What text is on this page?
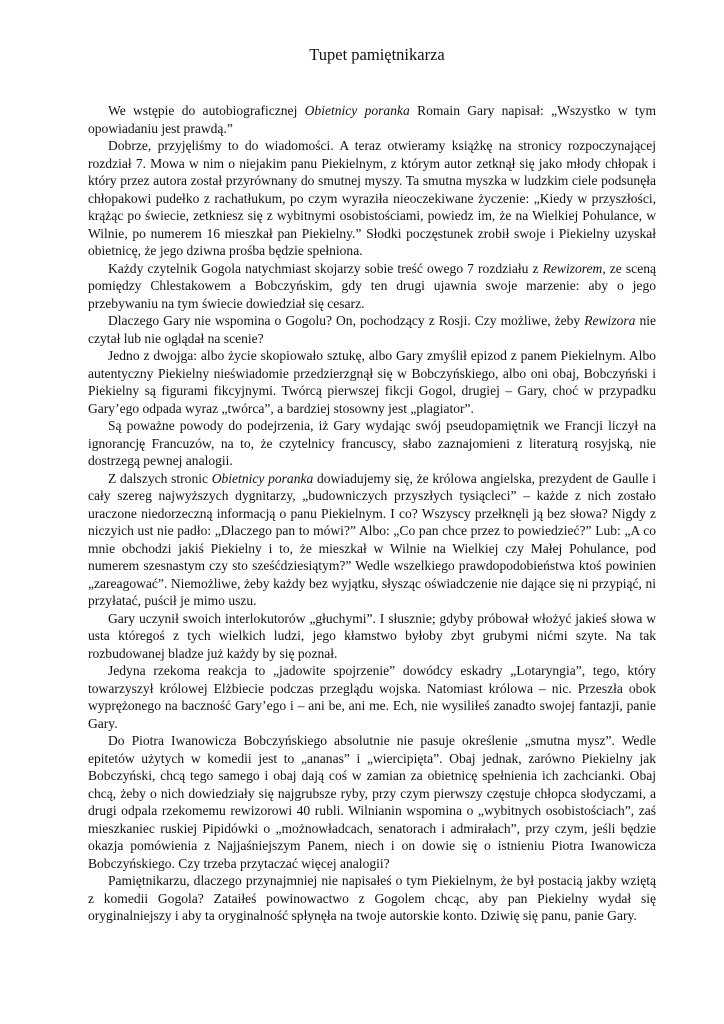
Tupet pamiętnikarza

We wstępie do autobiograficznej Obietnicy poranka Romain Gary napisał: „Wszystko w tym opowiadaniu jest prawdą.”

Dobrze, przyjęliśmy to do wiadomości. A teraz otwieramy książkę na stronicy rozpoczynającej rozdział 7. Mowa w nim o niejakim panu Piekielnym, z którym autor zetknął się jako młody chłopak i który przez autora został przyrównany do smutnej myszy. Ta smutna myszka w ludzkim ciele podsunęła chłopakowi pudełko z rachatłukum, po czym wyraziła nieoczekiwane życzenie: „Kiedy w przyszłości, krążąc po świecie, zetkniesz się z wybitnymi osobistościami, powiedz im, że na Wielkiej Pohulance, w Wilnie, po numerem 16 mieszkał pan Piekielny.” Słodki poczęstunek zrobił swoje i Piekielny uzyskał obietnicę, że jego dziwna prośba będzie spełniona.

Każdy czytelnik Gogola natychmiast skojarzy sobie treść owego 7 rozdziału z Rewizorem, ze sceną pomiędzy Chlestakowem a Bobczyńskim, gdy ten drugi ujawnia swoje marzenie: aby o jego przebywaniu na tym świecie dowiedział się cesarz.

Dlaczego Gary nie wspomina o Gogolu? On, pochodzący z Rosji. Czy możliwe, żeby Rewizora nie czytał lub nie oglądał na scenie?

Jedno z dwojga: albo życie skopiowało sztukę, albo Gary zmyślił epizod z panem Piekielnym. Albo autentyczny Piekielny nieświadomie przedzierzgnął się w Bobczyńskiego, albo oni obaj, Bobczyński i Piekielny są figurami fikcyjnymi. Twórcą pierwszej fikcji Gogol, drugiej – Gary, choć w przypadku Gary’ego odpada wyraz „twórca”, a bardziej stosowny jest „plagiator”.

Są poważne powody do podejrzenia, iż Gary wydając swój pseudopamiętnik we Francji liczył na ignorancję Francuzów, na to, że czytelnicy francuscy, słabo zaznajomieni z literaturą rosyjską, nie dostrzegą pewnej analogii.

Z dalszych stronic Obietnicy poranka dowiadujemy się, że królowa angielska, prezydent de Gaulle i cały szereg najwyższych dygnitarzy, „budowniczych przyszłych tysiącleci” – każde z nich zostało uraczone niedorzeczną informacją o panu Piekielnym. I co? Wszyscy przełknęli ją bez słowa? Nigdy z niczyich ust nie padło: „Dlaczego pan to mówi?” Albo: „Co pan chce przez to powiedzieć?” Lub: „A co mnie obchodzi jakiś Piekielny i to, że mieszkał w Wilnie na Wielkiej czy Małej Pohulance, pod numerem szesnastym czy sto sześćdziesiątym?” Wedle wszelkiego prawdopodobieństwa ktoś powinien „zareagować”. Niemożliwe, żeby każdy bez wyjątku, słysząc oświadczenie nie dające się ni przypiąć, ni przyłatać, puścił je mimo uszu.

Gary uczynił swoich interlokutorów „głuchymi”. I słusznie; gdyby próbował włożyć jakieś słowa w usta któregoś z tych wielkich ludzi, jego kłamstwo byłoby zbyt grubymi nićmi szyte. Na tak rozbudowanej bladze już każdy by się poznał.

Jedyna rzekoma reakcja to „jadowite spojrzenie” dowódcy eskadry „Lotaryngia”, tego, który towarzyszył królowej Elżbiecie podczas przeglądu wojska. Natomiast królowa – nic. Przeszła obok wyprężonego na baczność Gary’ego i – ani be, ani me. Ech, nie wysiliłeś zanadto swojej fantazji, panie Gary.

Do Piotra Iwanowicza Bobczyńskiego absolutnie nie pasuje określenie „smutna mysz”. Wedle epitetów użytych w komedii jest to „ananas” i „wiercipięta”. Obaj jednak, zarówno Piekielny jak Bobczyński, chcą tego samego i obaj dają coś w zamian za obietnicę spełnienia ich zachcianki. Obaj chcą, żeby o nich dowiedziały się najgrubsze ryby, przy czym pierwszy częstuje chłopca słodyczami, a drugi odpala rzekomemu rewizorowi 40 rubli. Wilnianin wspomina o „wybitnych osobistościach”, zaś mieszkaniec ruskiej Pipidówki o „możnowładcach, senatorach i admirałach”, przy czym, jeśli będzie okazja pomówienia z Najjaśniejszym Panem, niech i on dowie się o istnieniu Piotra Iwanowicza Bobczyńskiego. Czy trzeba przytaczać więcej analogii?

Pamiętnikarzu, dlaczego przynajmniej nie napisałeś o tym Piekielnym, że był postacią jakby wziętą z komedii Gogola? Zataiłeś powinowactwo z Gogolem chcąc, aby pan Piekielny wydał się oryginalniejszy i aby ta oryginalność spłynęła na twoje autorskie konto. Dziwię się panu, panie Gary.
